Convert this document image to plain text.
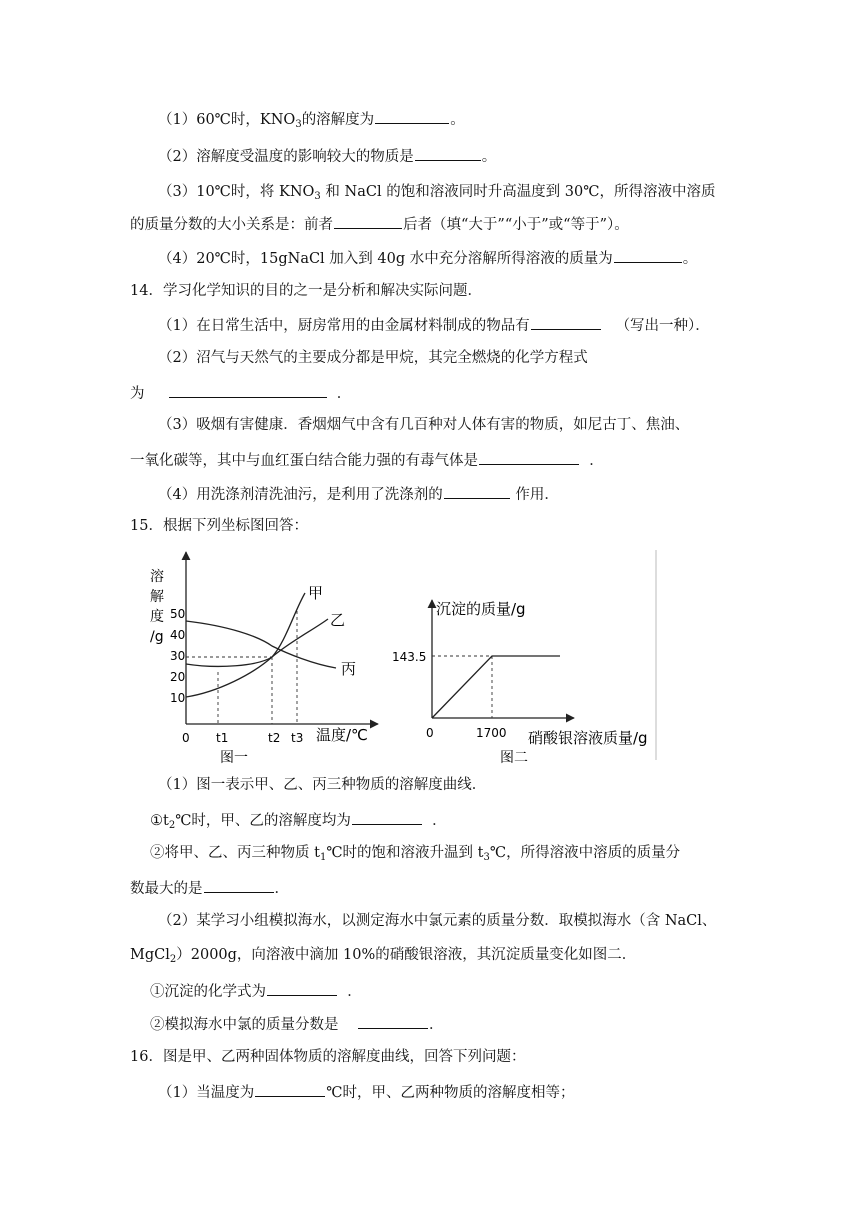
（1）60℃时，$KNO_3$的溶解度为	。
（2）溶解度受温度的影响较大的物质是	。
（3）10℃时，将 $KNO_3$ 和 NaCl 的饱和溶液同时升高温度到 30℃，所得溶液中溶质
的质量分数的大小关系是：前者	后者（填“大于”“小于”或“等于”）。
（4）20℃时，15gNaCl 加入到 40g 水中充分溶解所得溶液的质量为	。
14．学习化学知识的目的之一是分析和解决实际问题．
（1）在日常生活中，厨房常用的由金属材料制成的物品有	（写出一种）．
（2）沼气与天然气的主要成分都是甲烷，其完全燃烧的化学方程式
为	．
（3）吸烟有害健康．香烟烟气中含有几百种对人体有害的物质，如尼古丁、焦油、
一氧化碳等，其中与血红蛋白结合能力强的有毒气体是	．
（4）用洗涤剂清洗油污，是利用了洗涤剂的	作用．
15．根据下列坐标图回答：
溶
解
度
/g
50
40
30
20
10
0 t1	t2 t3 温度/℃
图一
甲
乙
丙
沉淀的质量/g
143.5
0	1700 硝酸银溶液质量/g
图二
（1）图一表示甲、乙、丙三种物质的溶解度曲线．
$①t_2℃$时，甲、乙的溶解度均为	．
②将甲、乙、丙三种物质 $t_1℃$时的饱和溶液升温到 $t_3℃$，所得溶液中溶质的质量分
数最大的是	．
（2）某学习小组模拟海水，以测定海水中氯元素的质量分数．取模拟海水（含 NaCl、
MgCl$_2$）2000g，向溶液中滴加 10%的硝酸银溶液，其沉淀质量变化如图二．
①沉淀的化学式为	．
②模拟海水中氯的质量分数是	．
16．图是甲、乙两种固体物质的溶解度曲线，回答下列问题：
（1）当温度为	℃时，甲、乙两种物质的溶解度相等；
